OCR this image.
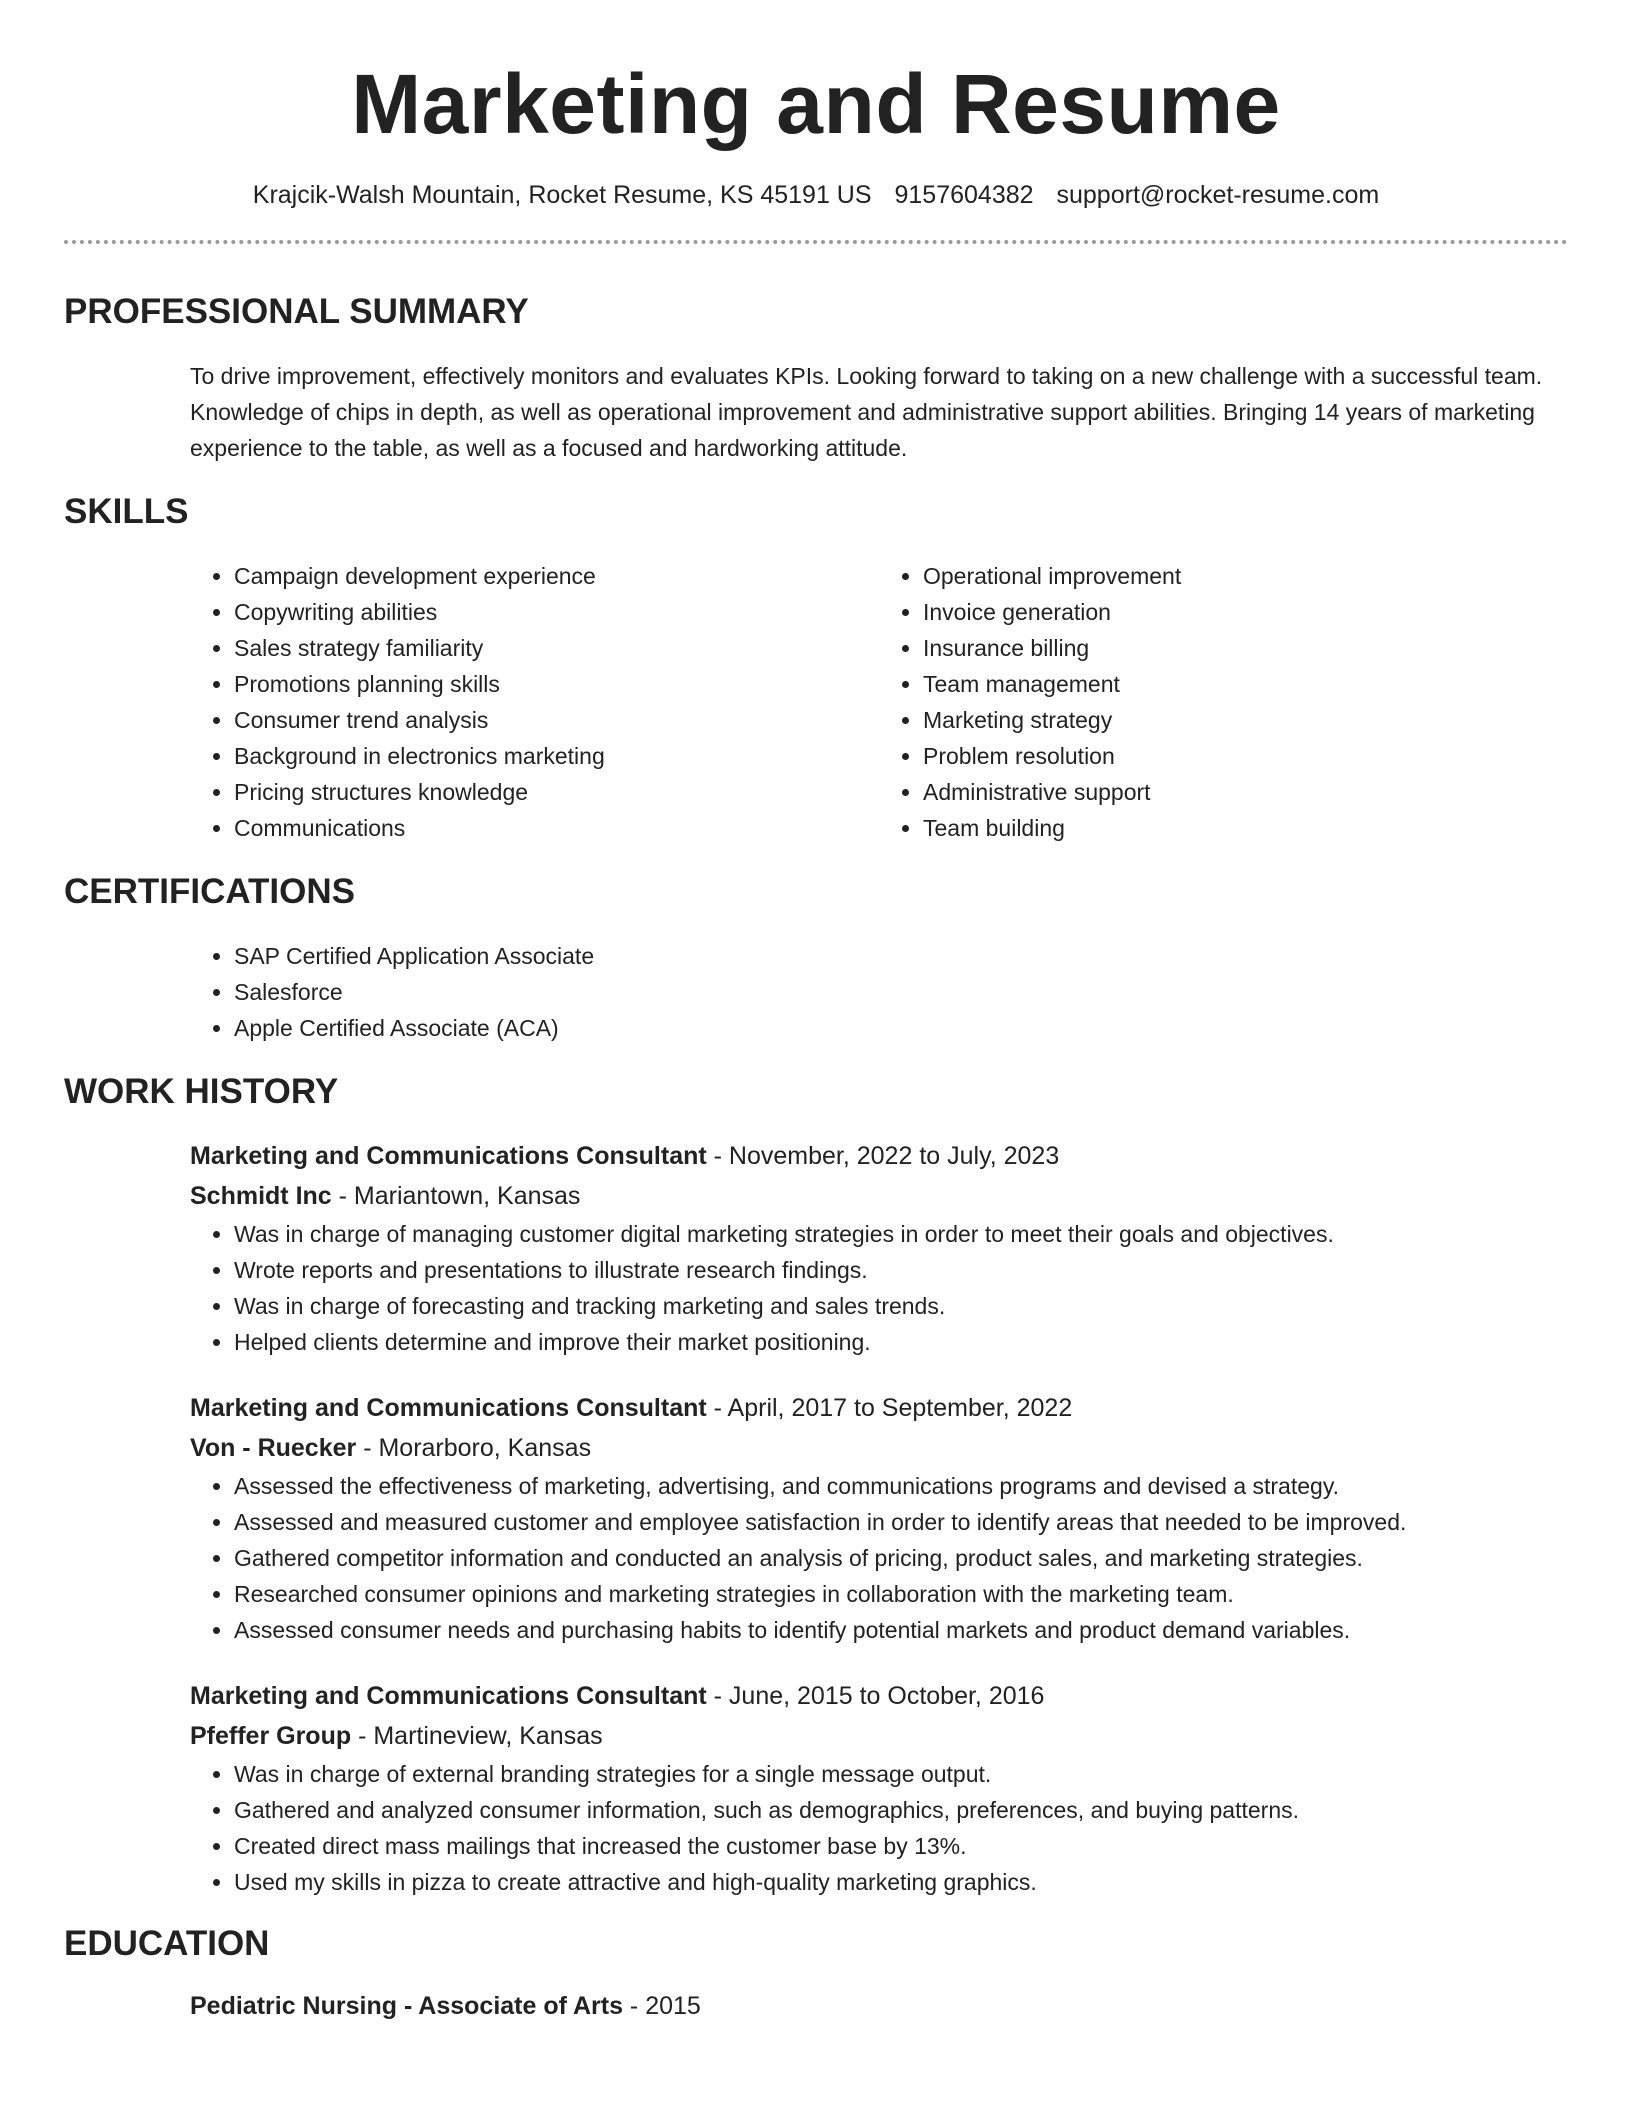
Marketing and Resume
Krajcik-Walsh Mountain, Rocket Resume, KS 45191 US 9157604382 support@rocket-resume.com
PROFESSIONAL SUMMARY
To drive improvement, effectively monitors and evaluates KPIs. Looking forward to taking on a new challenge with a successful team. Knowledge of chips in depth, as well as operational improvement and administrative support abilities. Bringing 14 years of marketing experience to the table, as well as a focused and hardworking attitude.
SKILLS
• Campaign development experience
• Copywriting abilities
• Sales strategy familiarity
• Promotions planning skills
• Consumer trend analysis
• Background in electronics marketing
• Pricing structures knowledge
• Communications
• Operational improvement
• Invoice generation
• Insurance billing
• Team management
• Marketing strategy
• Problem resolution
• Administrative support
• Team building
CERTIFICATIONS
• SAP Certified Application Associate
• Salesforce
• Apple Certified Associate (ACA)
WORK HISTORY
Marketing and Communications Consultant - November, 2022 to July, 2023
Schmidt Inc - Mariantown, Kansas
• Was in charge of managing customer digital marketing strategies in order to meet their goals and objectives.
• Wrote reports and presentations to illustrate research findings.
• Was in charge of forecasting and tracking marketing and sales trends.
• Helped clients determine and improve their market positioning.
Marketing and Communications Consultant - April, 2017 to September, 2022
Von - Ruecker - Morarboro, Kansas
• Assessed the effectiveness of marketing, advertising, and communications programs and devised a strategy.
• Assessed and measured customer and employee satisfaction in order to identify areas that needed to be improved.
• Gathered competitor information and conducted an analysis of pricing, product sales, and marketing strategies.
• Researched consumer opinions and marketing strategies in collaboration with the marketing team.
• Assessed consumer needs and purchasing habits to identify potential markets and product demand variables.
Marketing and Communications Consultant - June, 2015 to October, 2016
Pfeffer Group - Martineview, Kansas
• Was in charge of external branding strategies for a single message output.
• Gathered and analyzed consumer information, such as demographics, preferences, and buying patterns.
• Created direct mass mailings that increased the customer base by 13%.
• Used my skills in pizza to create attractive and high-quality marketing graphics.
EDUCATION
Pediatric Nursing - Associate of Arts - 2015
